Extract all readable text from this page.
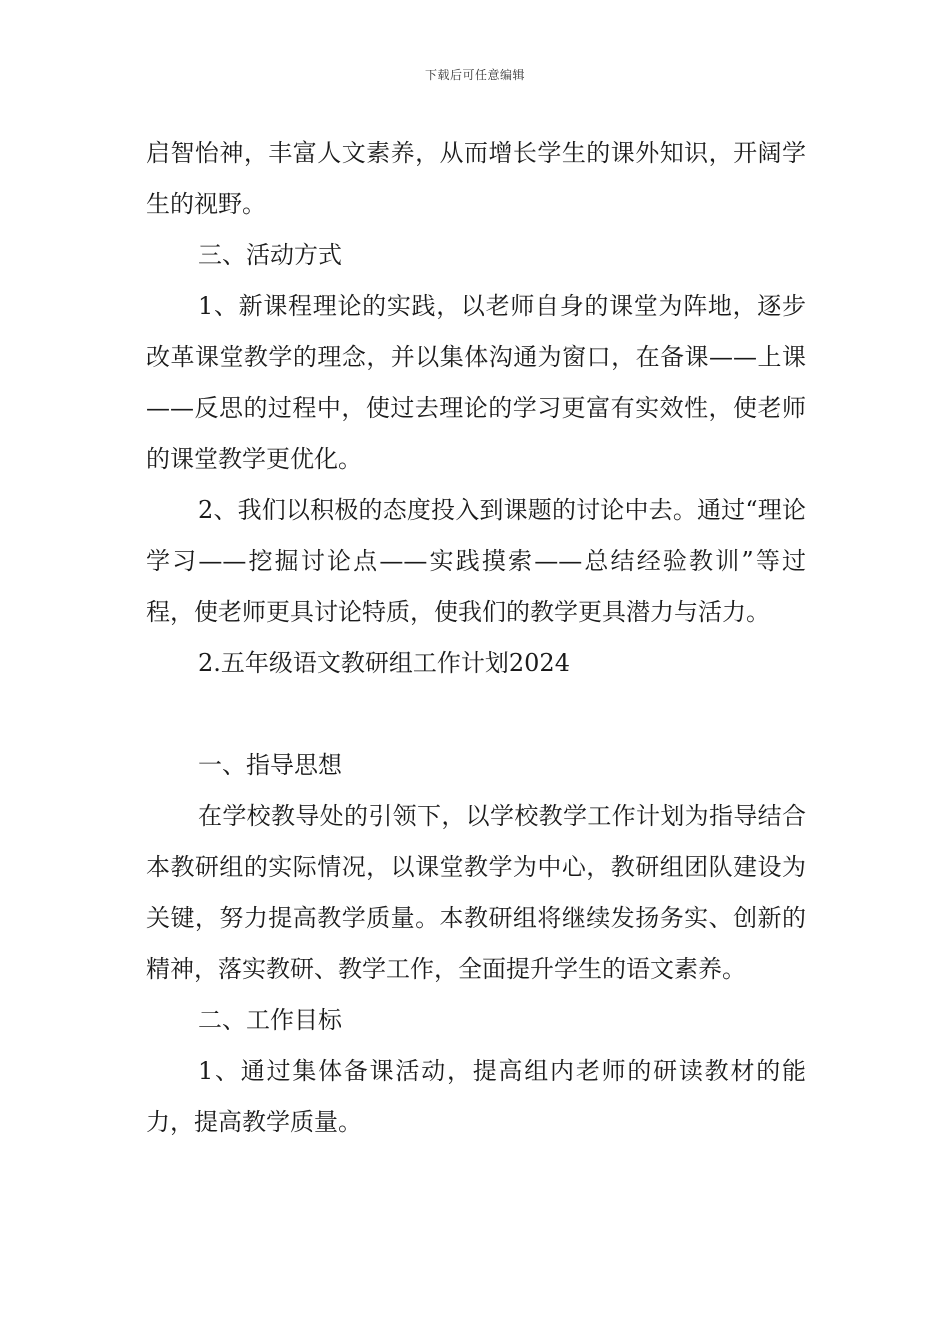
下载后可任意编辑

启智怡神，丰富人文素养，从而增长学生的课外知识，开阔学生的视野。

三、活动方式

1、新课程理论的实践，以老师自身的课堂为阵地，逐步改革课堂教学的理念，并以集体沟通为窗口，在备课——上课——反思的过程中，使过去理论的学习更富有实效性，使老师的课堂教学更优化。

2、我们以积极的态度投入到课题的讨论中去。通过“理论学习——挖掘讨论点——实践摸索——总结经验教训”等过程，使老师更具讨论特质，使我们的教学更具潜力与活力。

2.五年级语文教研组工作计划2024

一、指导思想

在学校教导处的引领下，以学校教学工作计划为指导结合本教研组的实际情况，以课堂教学为中心，教研组团队建设为关键，努力提高教学质量。本教研组将继续发扬务实、创新的精神，落实教研、教学工作，全面提升学生的语文素养。

二、工作目标

1、通过集体备课活动，提高组内老师的研读教材的能力，提高教学质量。
